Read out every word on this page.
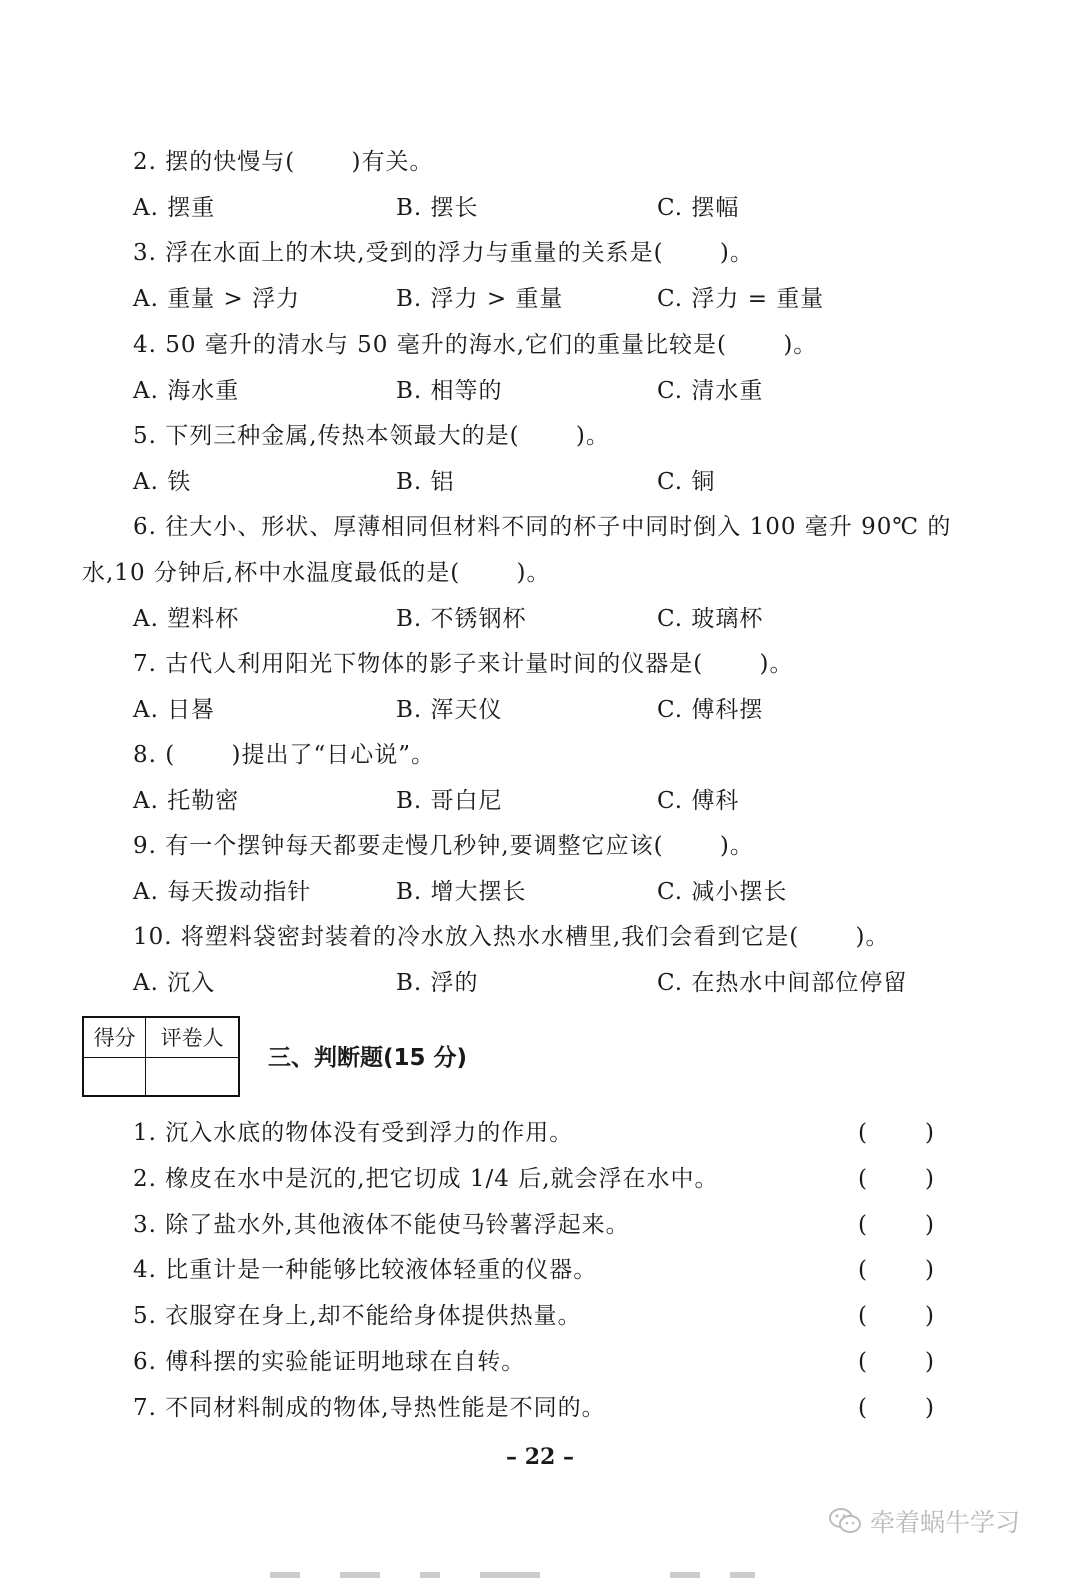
2. 摆的快慢与(　　 )有关。
A. 摆重	B. 摆长	C. 摆幅
3. 浮在水面上的木块,受到的浮力与重量的关系是(　　 )。
A. 重量 > 浮力	B. 浮力 > 重量	C. 浮力 = 重量
4. 50 毫升的清水与 50 毫升的海水,它们的重量比较是(　　 )。
A. 海水重	B. 相等的	C. 清水重
5. 下列三种金属,传热本领最大的是(　　 )。
A. 铁	B. 铝	C. 铜
6. 往大小、形状、厚薄相同但材料不同的杯子中同时倒入 100 毫升 90℃ 的
水,10 分钟后,杯中水温度最低的是(　　 )。
A. 塑料杯	B. 不锈钢杯	C. 玻璃杯
7. 古代人利用阳光下物体的影子来计量时间的仪器是(　　 )。
A. 日晷	B. 浑天仪	C. 傅科摆
8. (　　 )提出了“日心说”。
A. 托勒密	B. 哥白尼	C. 傅科
9. 有一个摆钟每天都要走慢几秒钟,要调整它应该(　　 )。
A. 每天拨动指针	B. 增大摆长	C. 减小摆长
10. 将塑料袋密封装着的冷水放入热水水槽里,我们会看到它是(　　 )。
A. 沉入	B. 浮的	C. 在热水中间部位停留
得分	评卷人

三、判断题(15 分)
1. 沉入水底的物体没有受到浮力的作用。	(	)
2. 橡皮在水中是沉的,把它切成 1/4 后,就会浮在水中。	(	)
3. 除了盐水外,其他液体不能使马铃薯浮起来。	(	)
4. 比重计是一种能够比较液体轻重的仪器。	(	)
5. 衣服穿在身上,却不能给身体提供热量。	(	)
6. 傅科摆的实验能证明地球在自转。	(	)
7. 不同材料制成的物体,导热性能是不同的。	(	)
– 22 –
牵着蜗牛学习
